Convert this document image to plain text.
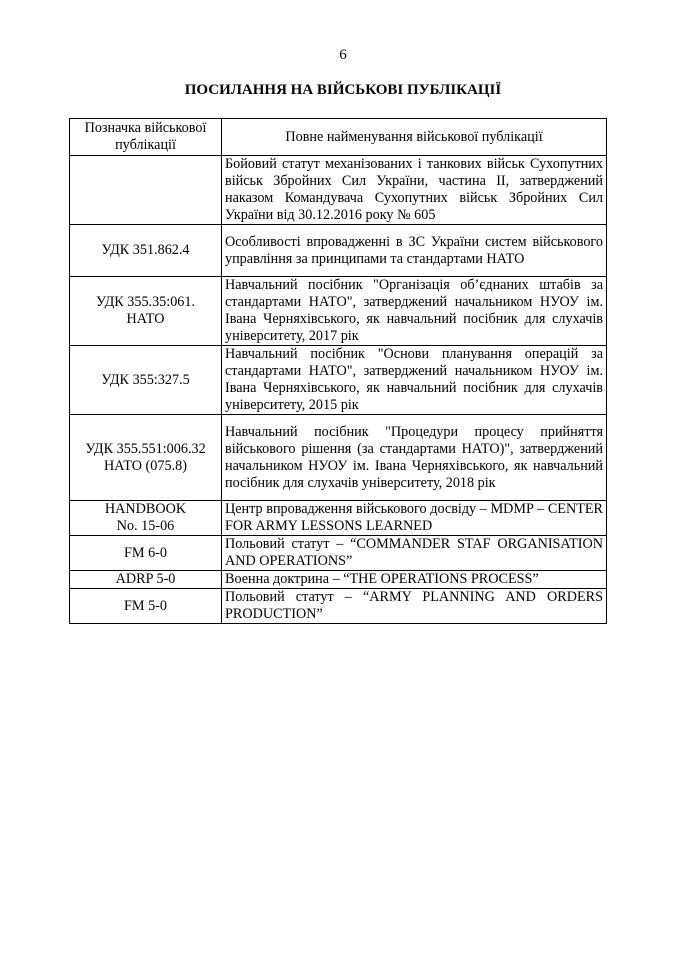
6
ПОСИЛАННЯ НА ВІЙСЬКОВІ ПУБЛІКАЦІЇ
Позначка військової публікації	Повне найменування військової публікації

	Бойовий статут механізованих і танкових військ Сухопутних військ Збройних Сил України, частина II, затверджений наказом Командувача Сухопутних військ Збройних Сил України від 30.12.2016 року № 605

УДК 351.862.4	Особливості впровадженні в ЗС України систем військового управління за принципами та стандартами НАТО

УДК 355.35:061.
НАТО	Навчальний посібник "Організація об’єднаних штабів за стандартами НАТО", затверджений начальником НУОУ ім. Івана Черняхівського, як навчальний посібник для слухачів університету, 2017 рік

УДК 355:327.5	Навчальний посібник "Основи планування операцій за стандартами НАТО", затверджений начальником НУОУ ім. Івана Черняхівського, як навчальний посібник для слухачів університету, 2015 рік

УДК 355.551:006.32
НАТО (075.8)	Навчальний посібник "Процедури процесу прийняття військового рішення (за стандартами НАТО)", затверджений начальником НУОУ ім. Івана Черняхівського, як навчальний посібник для слухачів університету, 2018 рік

HANDBOOK
No. 15-06	Центр впровадження військового досвіду – MDMP – CENTER FOR ARMY LESSONS LEARNED

FM 6-0	Польовий статут – “COMMANDER STAF ORGANISATION AND OPERATIONS”

ADRP 5-0	Военна доктрина – “THE OPERATIONS PROCESS”

FM 5-0	Польовий статут – “ARMY PLANNING AND ORDERS PRODUCTION”
